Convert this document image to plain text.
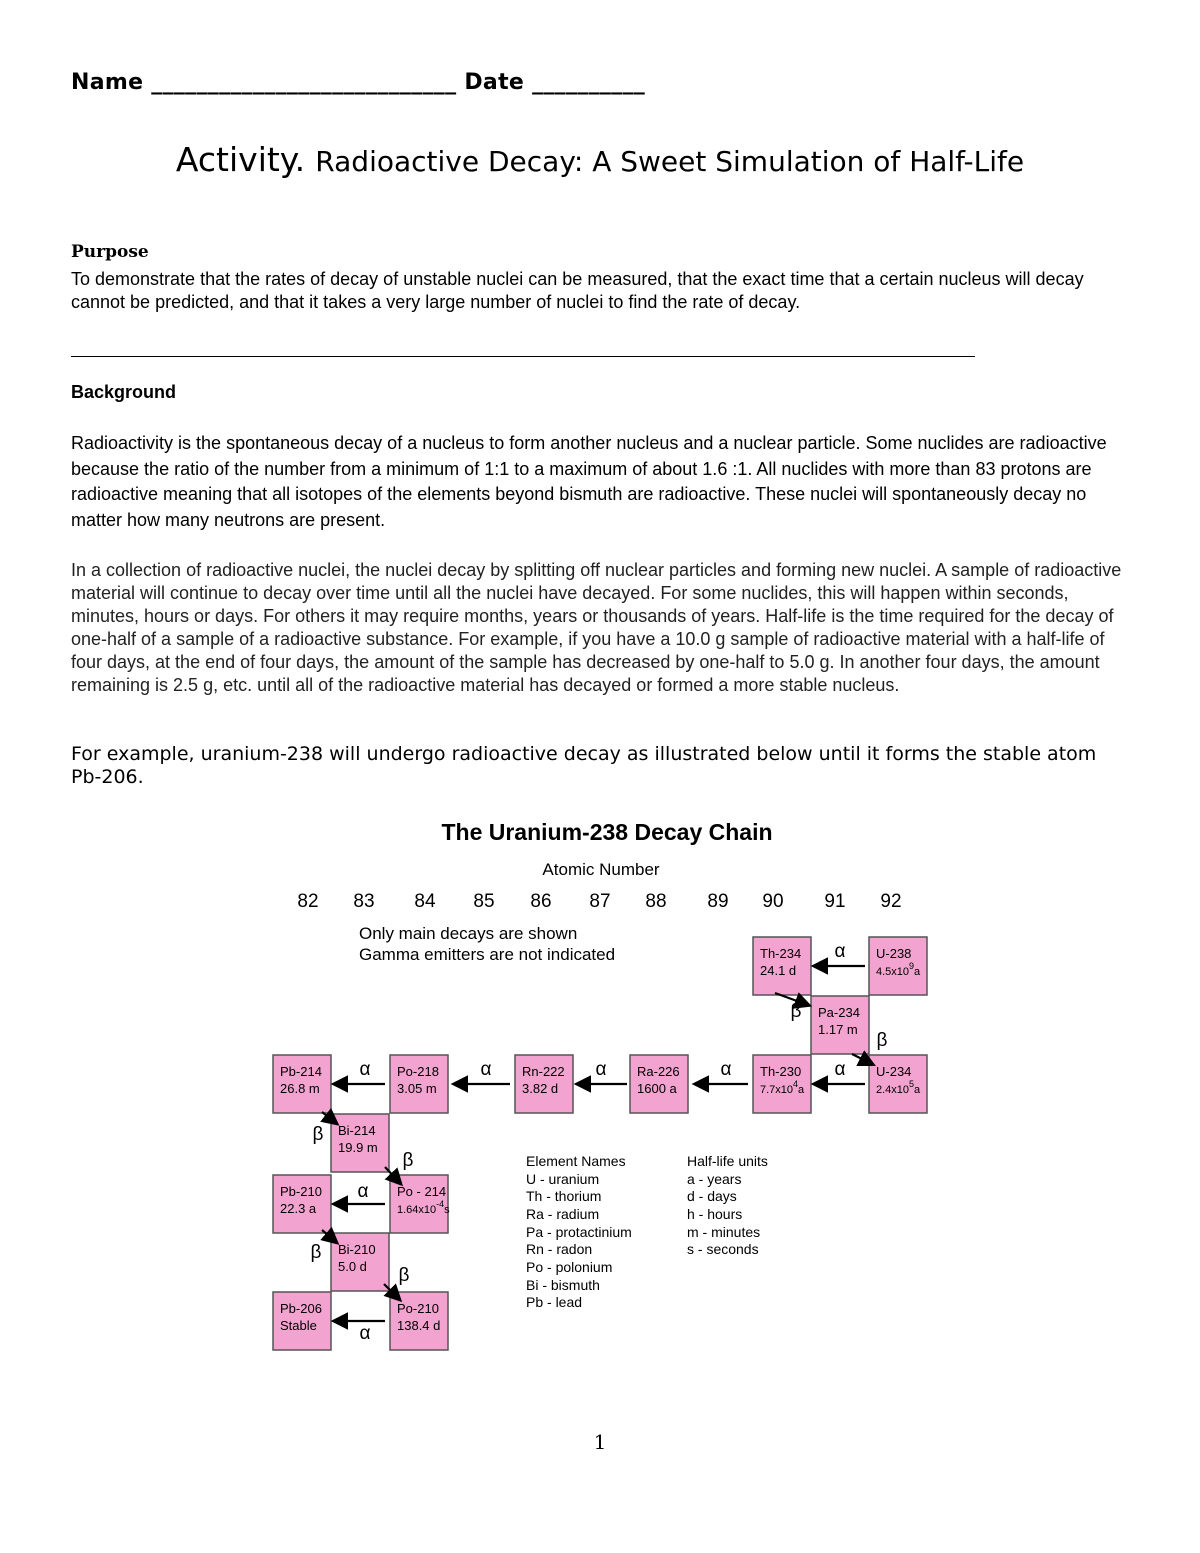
Name ___________________________ Date __________
Activity. Radioactive Decay: A Sweet Simulation of Half-Life
Purpose
To demonstrate that the rates of decay of unstable nuclei can be measured, that the exact time that a certain nucleus will decay cannot be predicted, and that it takes a very large number of nuclei to find the rate of decay.
Background
Radioactivity is the spontaneous decay of a nucleus to form another nucleus and a nuclear particle. Some nuclides are radioactive because the ratio of the number from a minimum of 1:1 to a maximum of about 1.6 :1. All nuclides with more than 83 protons are radioactive meaning that all isotopes of the elements beyond bismuth are radioactive. These nuclei will spontaneously decay no matter how many neutrons are present.
In a collection of radioactive nuclei, the nuclei decay by splitting off nuclear particles and forming new nuclei. A sample of radioactive material will continue to decay over time until all the nuclei have decayed. For some nuclides, this will happen within seconds, minutes, hours or days. For others it may require months, years or thousands of years. Half-life is the time required for the decay of one-half of a sample of a radioactive substance. For example, if you have a 10.0 g sample of radioactive material with a half-life of four days, at the end of four days, the amount of the sample has decreased by one-half to 5.0 g. In another four days, the amount remaining is 2.5 g, etc. until all of the radioactive material has decayed or formed a more stable nucleus.
For example, uranium-238 will undergo radioactive decay as illustrated below until it forms the stable atom Pb-206.
The Uranium-238 Decay Chain
Atomic Number
82 83 84 85 86 87 88 89 90 91 92
Only main decays are shown
Gamma emitters are not indicated	U-238
$4.5x10^9a$
Th-234
24.1 d
Pa-234
1.17 m
U-234
$2.4x10^5a$
Th-230
$7.7x10^4a$
Ra-226
1600 a
Rn-222
3.82 d
Po-218
3.05 m
Pb-214
26.8 m
Bi-214
19.9 m
Po - 214
$1.64x10^{-4}s$
Pb-210
22.3 a
Bi-210
5.0 d
Po-210
138.4 d
Pb-206
Stable
α
β
β
α
α
α
α
α
β
β
α
β
β
α
Element Names
U - uranium
Th - thorium
Ra - radium
Pa - protactinium
Rn - radon
Po - polonium
Bi - bismuth
Pb - lead
Half-life units
a - years
d - days
h - hours
m - minutes
s - seconds
1
